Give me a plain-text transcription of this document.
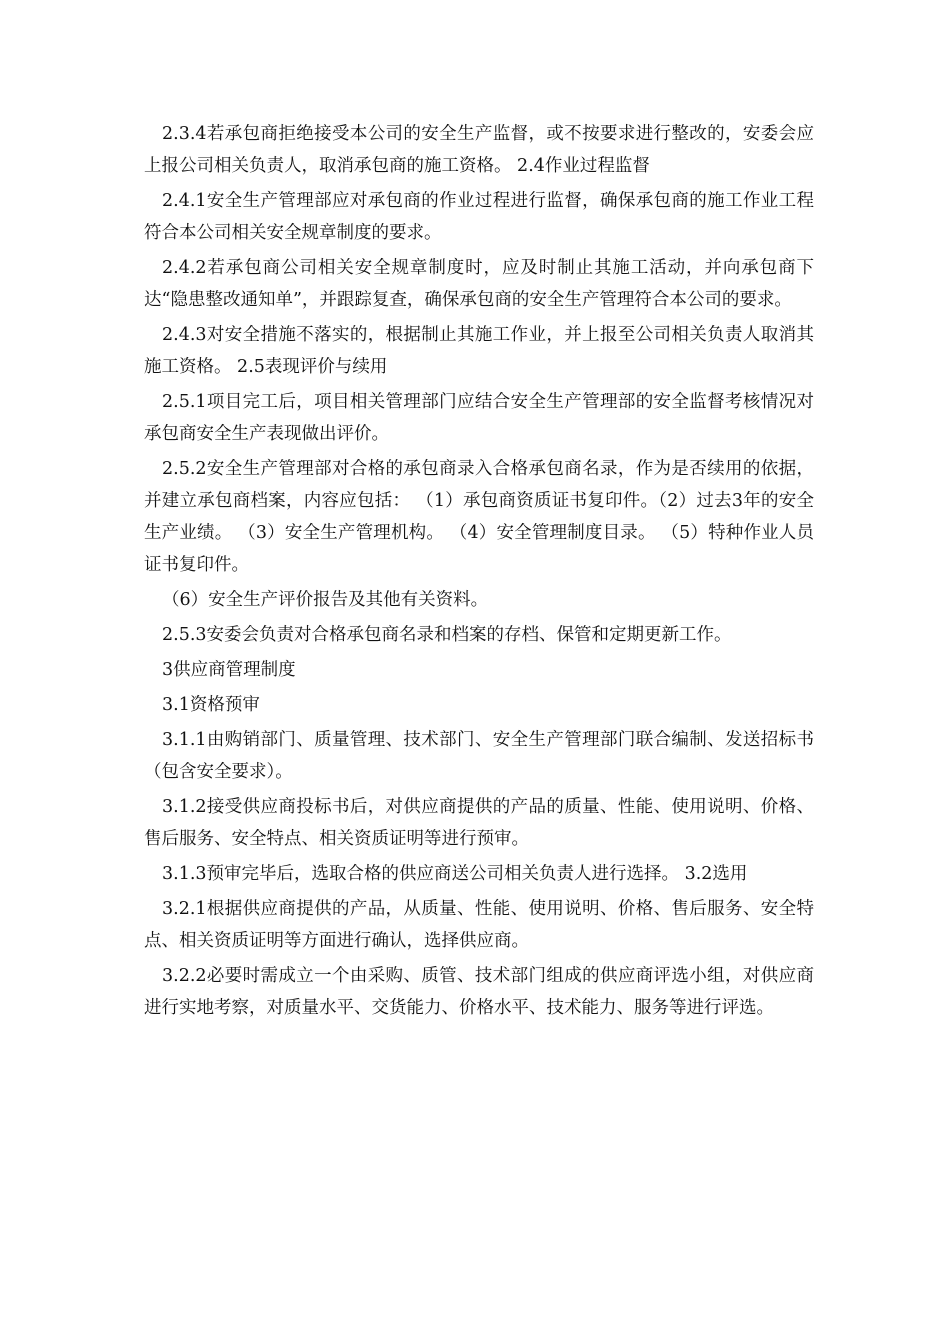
2.3.4若承包商拒绝接受本公司的安全生产监督，或不按要求进行整改的，安委会应上报公司相关负责人，取消承包商的施工资格。 2.4作业过程监督

2.4.1安全生产管理部应对承包商的作业过程进行监督，确保承包商的施工作业工程符合本公司相关安全规章制度的要求。

2.4.2若承包商公司相关安全规章制度时，应及时制止其施工活动，并向承包商下达“隐患整改通知单”，并跟踪复查，确保承包商的安全生产管理符合本公司的要求。

2.4.3对安全措施不落实的，根据制止其施工作业，并上报至公司相关负责人取消其施工资格。 2.5表现评价与续用

2.5.1项目完工后，项目相关管理部门应结合安全生产管理部的安全监督考核情况对承包商安全生产表现做出评价。

2.5.2安全生产管理部对合格的承包商录入合格承包商名录，作为是否续用的依据，并建立承包商档案，内容应包括： （1）承包商资质证书复印件。（2）过去3年的安全生产业绩。 （3）安全生产管理机构。 （4）安全管理制度目录。 （5）特种作业人员证书复印件。

（6）安全生产评价报告及其他有关资料。

2.5.3安委会负责对合格承包商名录和档案的存档、保管和定期更新工作。

3供应商管理制度

3.1资格预审

3.1.1由购销部门、质量管理、技术部门、安全生产管理部门联合编制、发送招标书（包含安全要求）。

3.1.2接受供应商投标书后，对供应商提供的产品的质量、性能、使用说明、价格、售后服务、安全特点、相关资质证明等进行预审。

3.1.3预审完毕后，选取合格的供应商送公司相关负责人进行选择。 3.2选用

3.2.1根据供应商提供的产品，从质量、性能、使用说明、价格、售后服务、安全特点、相关资质证明等方面进行确认，选择供应商。

3.2.2必要时需成立一个由采购、质管、技术部门组成的供应商评选小组，对供应商进行实地考察，对质量水平、交货能力、价格水平、技术能力、服务等进行评选。
